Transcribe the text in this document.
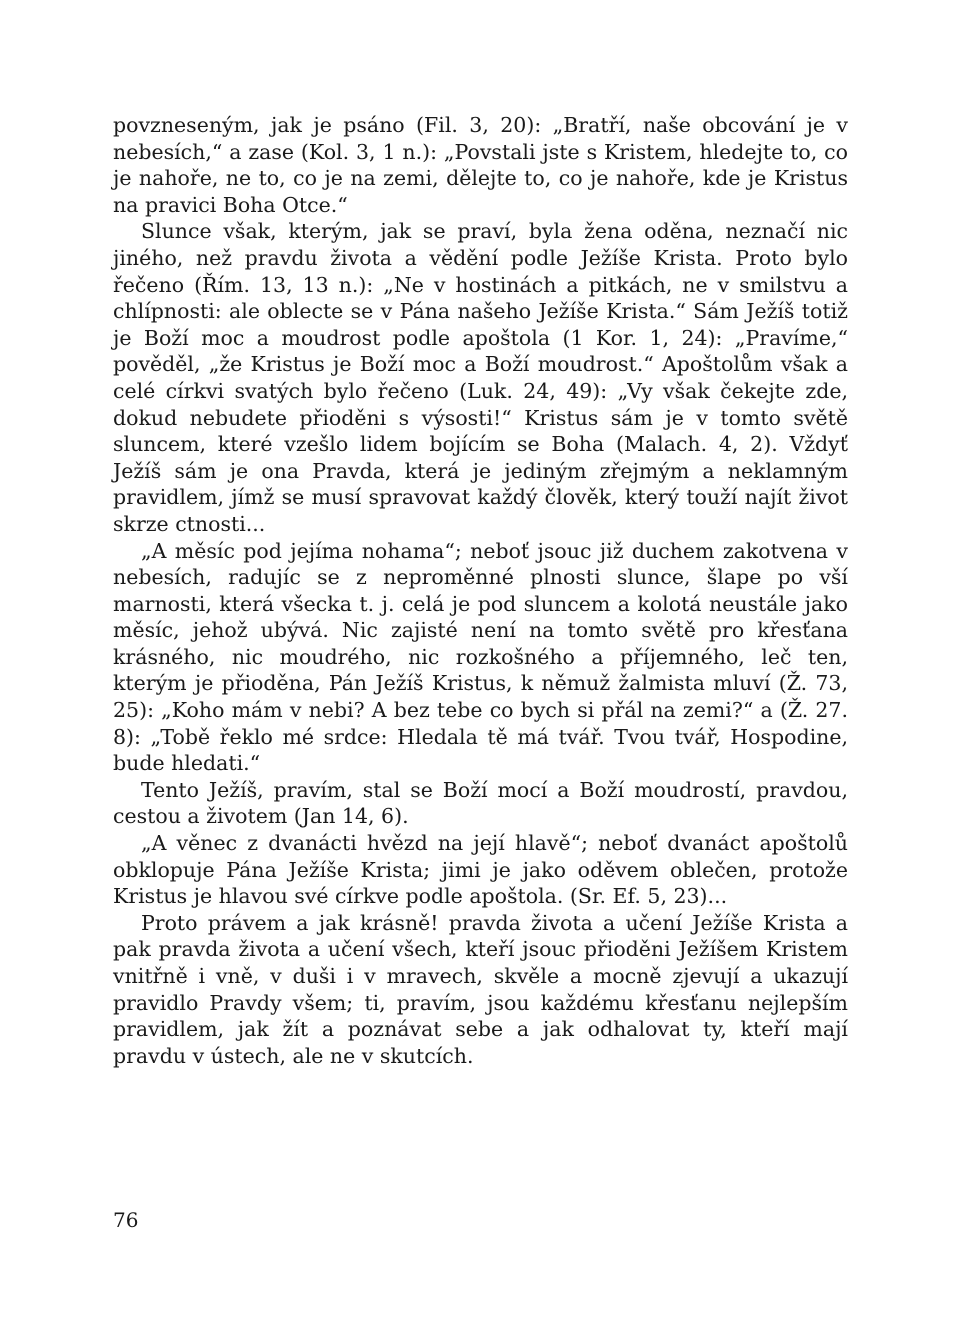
povzneseným, jak je psáno (Fil. 3, 20): „Bratří, naše obcování je v nebesích,“ a zase (Kol. 3, 1 n.): „Povstali jste s Kristem, hledejte to, co je nahoře, ne to, co je na zemi, dělejte to, co je nahoře, kde je Kristus na pravici Boha Otce.“

Slunce však, kterým, jak se praví, byla žena oděna, neznačí nic jiného, než pravdu života a vědění podle Ježíše Krista. Proto bylo řečeno (Řím. 13, 13 n.): „Ne v hostinách a pitkách, ne v smilstvu a chlípnosti: ale oblecte se v Pána našeho Ježíše Krista.“ Sám Ježíš totiž je Boží moc a moudrost podle apoštola (1 Kor. 1, 24): „Pravíme,“ pověděl, „že Kristus je Boží moc a Boží moudrost.“ Apoštolům však a celé církvi svatých bylo řečeno (Luk. 24, 49): „Vy však čekejte zde, dokud nebudete přioděni s výsosti!“ Kristus sám je v tomto světě sluncem, které vzešlo lidem bojícím se Boha (Malach. 4, 2). Vždyť Ježíš sám je ona Pravda, která je jediným zřejmým a neklamným pravidlem, jímž se musí spravovat každý člověk, který touží najít život skrze ctnosti...

„A měsíc pod jejíma nohama“; neboť jsouc již duchem zakotvena v nebesích, radujíc se z neproměnné plnosti slunce, šlape po vší marnosti, která všecka t. j. celá je pod sluncem a kolotá neustále jako měsíc, jehož ubývá. Nic zajisté není na tomto světě pro křesťana krásného, nic moudrého, nic rozkošného a příjemného, leč ten, kterým je přioděna, Pán Ježíš Kristus, k němuž žalmista mluví (Ž. 73, 25): „Koho mám v nebi? A bez tebe co bych si přál na zemi?“ a (Ž. 27. 8): „Tobě řeklo mé srdce: Hledala tě má tvář. Tvou tvář, Hospodine, bude hledati.“

Tento Ježíš, pravím, stal se Boží mocí a Boží moudrostí, pravdou, cestou a životem (Jan 14, 6).

„A věnec z dvanácti hvězd na její hlavě“; neboť dvanáct apoštolů obklopuje Pána Ježíše Krista; jimi je jako oděvem oblečen, protože Kristus je hlavou své církve podle apoštola. (Sr. Ef. 5, 23)...

Proto právem a jak krásně! pravda života a učení Ježíše Krista a pak pravda života a učení všech, kteří jsouc přioděni Ježíšem Kristem vnitřně i vně, v duši i v mravech, skvěle a mocně zjevují a ukazují pravidlo Pravdy všem; ti, pravím, jsou každému křesťanu nejlepším pravidlem, jak žít a poznávat sebe a jak odhalovat ty, kteří mají pravdu v ústech, ale ne v skutcích.

76
